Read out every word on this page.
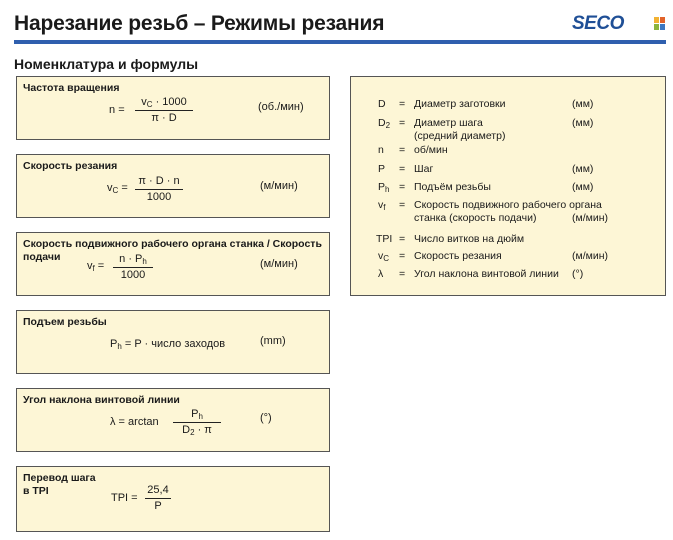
Нарезание резьб – Режимы резания	SECO
Номенклатура и формулы
Частота вращения
n =
$v_C \cdot 1000$
π · D
(об./мин)
Скорость резания
$v_C$ =
π · D · n
1000
(м/мин)
Скорость подвижного рабочего органа станка / Скорость
подачи
$v_f$ =
$n \cdot P_h$
1000
(м/мин)
Подъем резьбы
$P_h = P$ · число заходов	(mm)
Угол наклона винтовой линии
λ = arctan
$P_h$
$D_2 \cdot \pi$
(°)
Перевод шага
в TPI
TPI =
25,4
P
D = Диаметр заготовки	(мм)
$D_2$ = Диаметр шага
(средний диаметр)
(мм)
n = об/мин
P = Шаг	(мм)
$P_h$ = Подъём резьбы	(мм)
$v_f$ = Скорость подвижного рабочего органа
станка (скорость подачи)	(м/мин)
TPI = Число витков на дюйм
$v_C$ = Скорость резания	(м/мин)
λ = Угол наклона винтовой линии (°)
